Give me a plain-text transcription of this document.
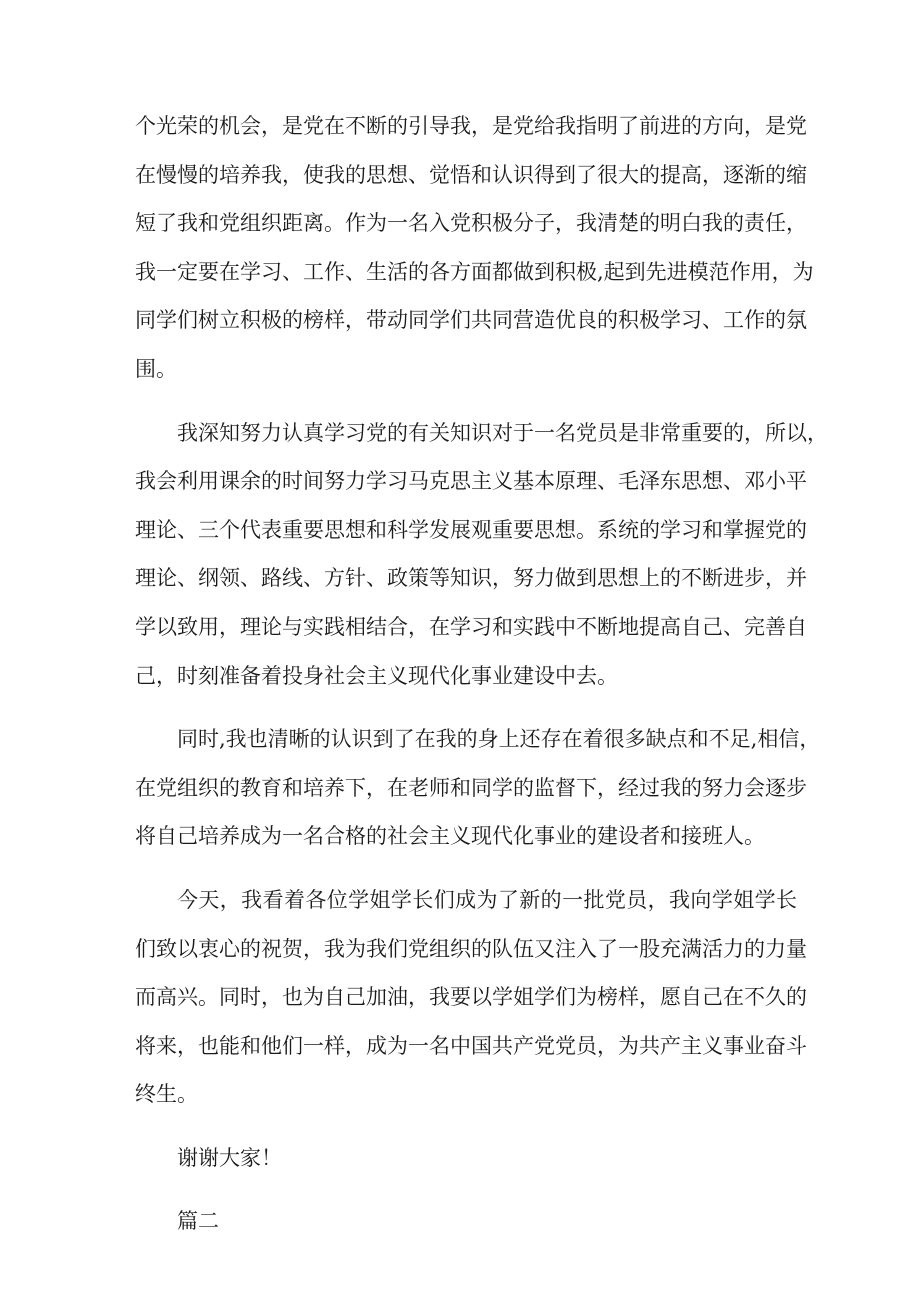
个光荣的机会，是党在不断的引导我，是党给我指明了前进的方向，是党
在慢慢的培养我，使我的思想、觉悟和认识得到了很大的提高，逐渐的缩
短了我和党组织距离。作为一名入党积极分子，我清楚的明白我的责任，
我一定要在学习、工作、生活的各方面都做到积极,起到先进模范作用，为
同学们树立积极的榜样，带动同学们共同营造优良的积极学习、工作的氛
围。
我深知努力认真学习党的有关知识对于一名党员是非常重要的，所以，
我会利用课余的时间努力学习马克思主义基本原理、毛泽东思想、邓小平
理论、三个代表重要思想和科学发展观重要思想。系统的学习和掌握党的
理论、纲领、路线、方针、政策等知识，努力做到思想上的不断进步，并
学以致用，理论与实践相结合，在学习和实践中不断地提高自己、完善自
己，时刻准备着投身社会主义现代化事业建设中去。
同时,我也清晰的认识到了在我的身上还存在着很多缺点和不足,相信，
在党组织的教育和培养下，在老师和同学的监督下，经过我的努力会逐步
将自己培养成为一名合格的社会主义现代化事业的建设者和接班人。
今天，我看着各位学姐学长们成为了新的一批党员，我向学姐学长
们致以衷心的祝贺，我为我们党组织的队伍又注入了一股充满活力的力量
而高兴。同时，也为自己加油，我要以学姐学们为榜样，愿自己在不久的
将来，也能和他们一样，成为一名中国共产党党员，为共产主义事业奋斗
终生。
谢谢大家！
篇二
